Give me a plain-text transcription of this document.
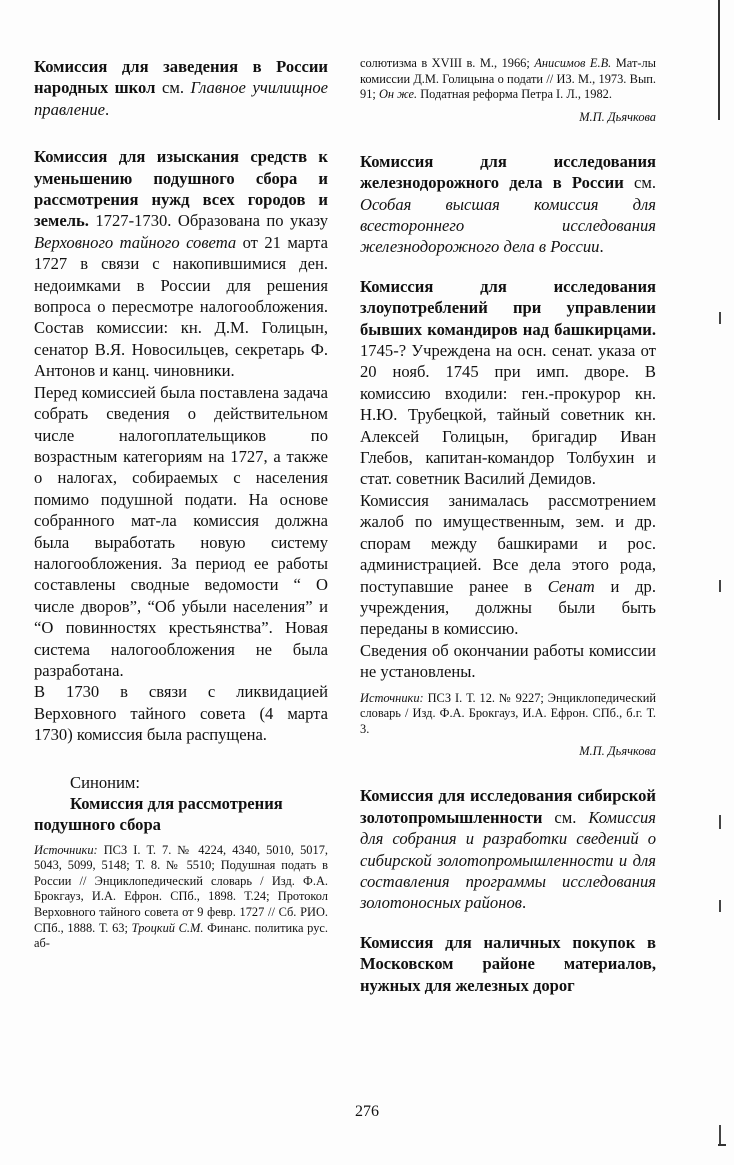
Комиссия для заведения в России народных школ см. Главное училищное правление.

Комиссия для изыскания средств к уменьшению подушного сбора и рассмотрения нужд всех городов и земель. 1727-1730. Образована по указу Верховного тайного совета от 21 марта 1727 в связи с накопившимися ден. недоимками в России для решения вопроса о пересмотре налогообложения. Состав комиссии: кн. Д.М. Голицын, сенатор В.Я. Новосильцев, секретарь Ф. Антонов и канц. чиновники.

Перед комиссией была поставлена задача собрать сведения о действительном числе налогоплательщиков по возрастным категориям на 1727, а также о налогах, собираемых с населения помимо подушной подати. На основе собранного мат-ла комиссия должна была выработать новую систему налогообложения. За период ее работы составлены сводные ведомости “ О числе дворов”, “Об убыли населения” и “О повинностях крестьянства”. Новая система налогообложения не была разработана.

В 1730 в связи с ликвидацией Верховного тайного совета (4 марта 1730) комиссия была распущена.

Синоним:

Комиссия для рассмотрения подушного сбора

Источники: ПСЗ I. Т. 7. № 4224, 4340, 5010, 5017, 5043, 5099, 5148; Т. 8. № 5510; Подушная подать в России // Энциклопедический словарь / Изд. Ф.А. Брокгауз, И.А. Ефрон. СПб., 1898. Т.24; Протокол Верховного тайного совета от 9 февр. 1727 // Сб. РИО. СПб., 1888. Т. 63; Троцкий С.М. Финанс. политика рус. аб-

солютизма в XVIII в. М., 1966; Анисимов Е.В. Мат-лы комиссии Д.М. Голицына о подати // ИЗ. М., 1973. Вып. 91; Он же. Податная реформа Петра I. Л., 1982.

М.П. Дьячкова

Комиссия для исследования железнодорожного дела в России см. Особая высшая комиссия для всестороннего исследования железнодорожного дела в России.

Комиссия для исследования злоупотреблений при управлении бывших командиров над башкирцами. 1745-? Учреждена на осн. сенат. указа от 20 нояб. 1745 при имп. дворе. В комиссию входили: ген.-прокурор кн. Н.Ю. Трубецкой, тайный советник кн. Алексей Голицын, бригадир Иван Глебов, капитан-командор Толбухин и стат. советник Василий Демидов.

Комиссия занималась рассмотрением жалоб по имущественным, зем. и др. спорам между башкирами и рос. администрацией. Все дела этого рода, поступавшие ранее в Сенат и др. учреждения, должны были быть переданы в комиссию.

Сведения об окончании работы комиссии не установлены.

Источники: ПСЗ I. Т. 12. № 9227; Энциклопедический словарь / Изд. Ф.А. Брокгауз, И.А. Ефрон. СПб., б.г. Т. 3.

М.П. Дьячкова

Комиссия для исследования сибирской золотопромышленности см. Комиссия для собрания и разработки сведений о сибирской золотопромышленности и для составления программы исследования золотоносных районов.

Комиссия для наличных покупок в Московском районе материалов, нужных для железных дорог

276
